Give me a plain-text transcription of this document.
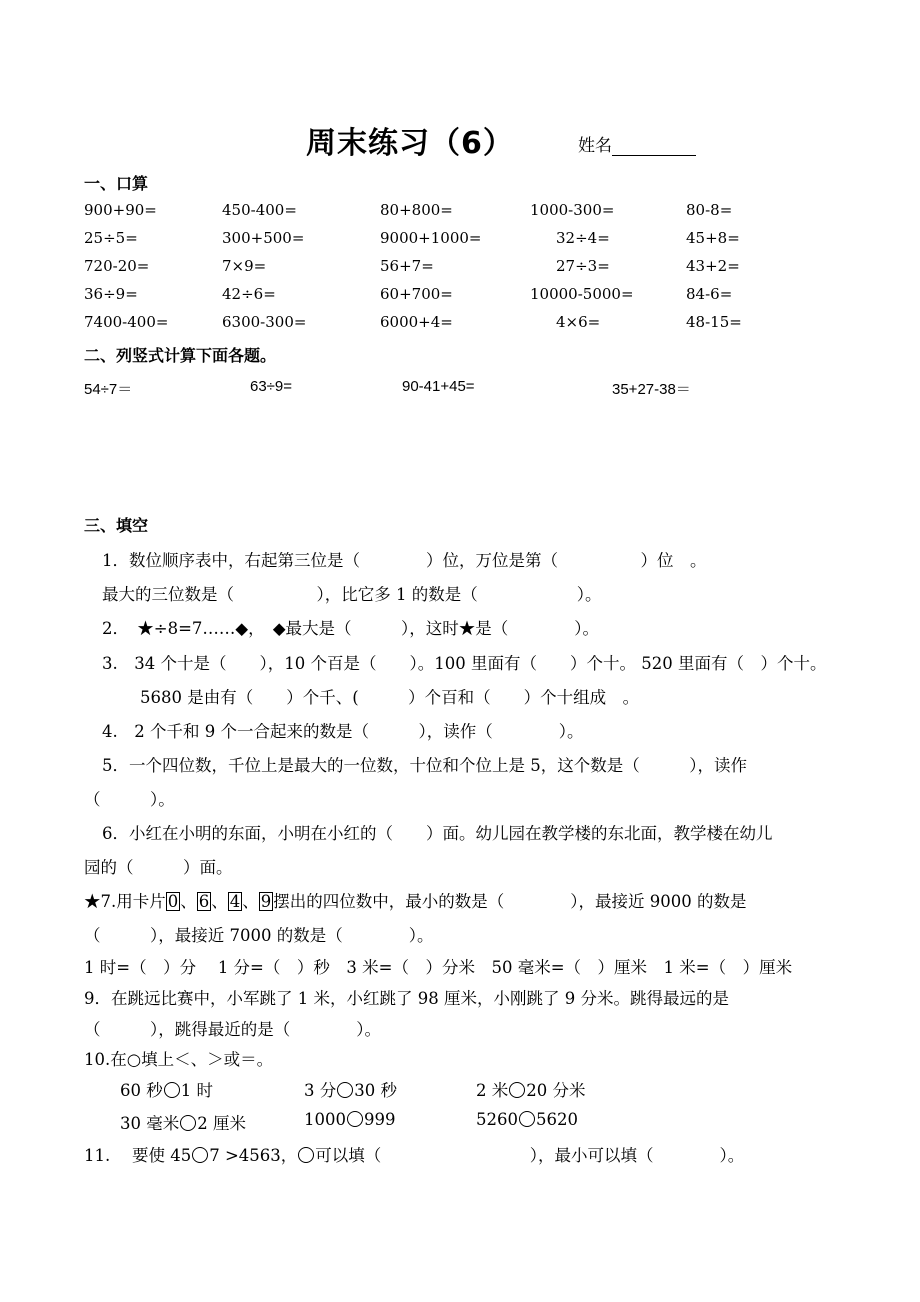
周末练习（6）	姓名
一、口算
900+90=	450-400=	80+800=	1000-300=	80-8=
25÷5=	300+500=	9000+1000=	32÷4=	45+8=
720-20=	7×9=	56+7=	27÷3=	43+2=
36÷9=	42÷6=	60+700=	10000-5000=	84-6=
7400-400=	6300-300=	6000+4=	4×6=	48-15=
二、列竖式计算下面各题。
54÷7＝	63÷9=	90-41+45=	35+27-38＝
三、填空
1．数位顺序表中，右起第三位是（　　　　）位，万位是第（　　　　　）位　。
最大的三位数是（　　　　　），比它多 1 的数是（　　　　　　）。
2．　★÷8=7……◆，　◆最大是（　　　），这时★是（　　　　）。
3.　34 个十是（　　），10 个百是（　　）。100 里面有（　　）个十。 520 里面有（　）个十。
5680 是由有（　　）个千、(　　　）个百和（　　）个十组成　。
4.　2 个千和 9 个一合起来的数是（　　　），读作（　　　　）。
5．一个四位数，千位上是最大的一位数，十位和个位上是 5，这个数是（　　　），读作
（　　　）。
6．小红在小明的东面，小明在小红的（　　）面。幼儿园在教学楼的东北面，教学楼在幼儿
园的（　　　）面。
★7.用卡片 0 、 6 、 4 、 9 摆出的四位数中，最小的数是（　　　　），最接近 9000 的数是
（　　　），最接近 7000 的数是（　　　　）。
1 时=（　）分　 1 分=（　）秒　3 米=（　）分米　50 毫米=（　）厘米　1 米=（　）厘米
9．在跳远比赛中，小军跳了 1 米，小红跳了 98 厘米，小刚跳了 9 分米。跳得最远的是
（　　　），跳得最近的是（　　　　）。
10.在○填上＜、＞或＝。
60 秒 1 时	3 分 30 秒	2 米 20 分米
30 毫米 2 厘米	1000 999	5260 5620
11.　 要使 45 7 >4563， 可以填（　　　　　　　　　），最小可以填（　　　　）。
